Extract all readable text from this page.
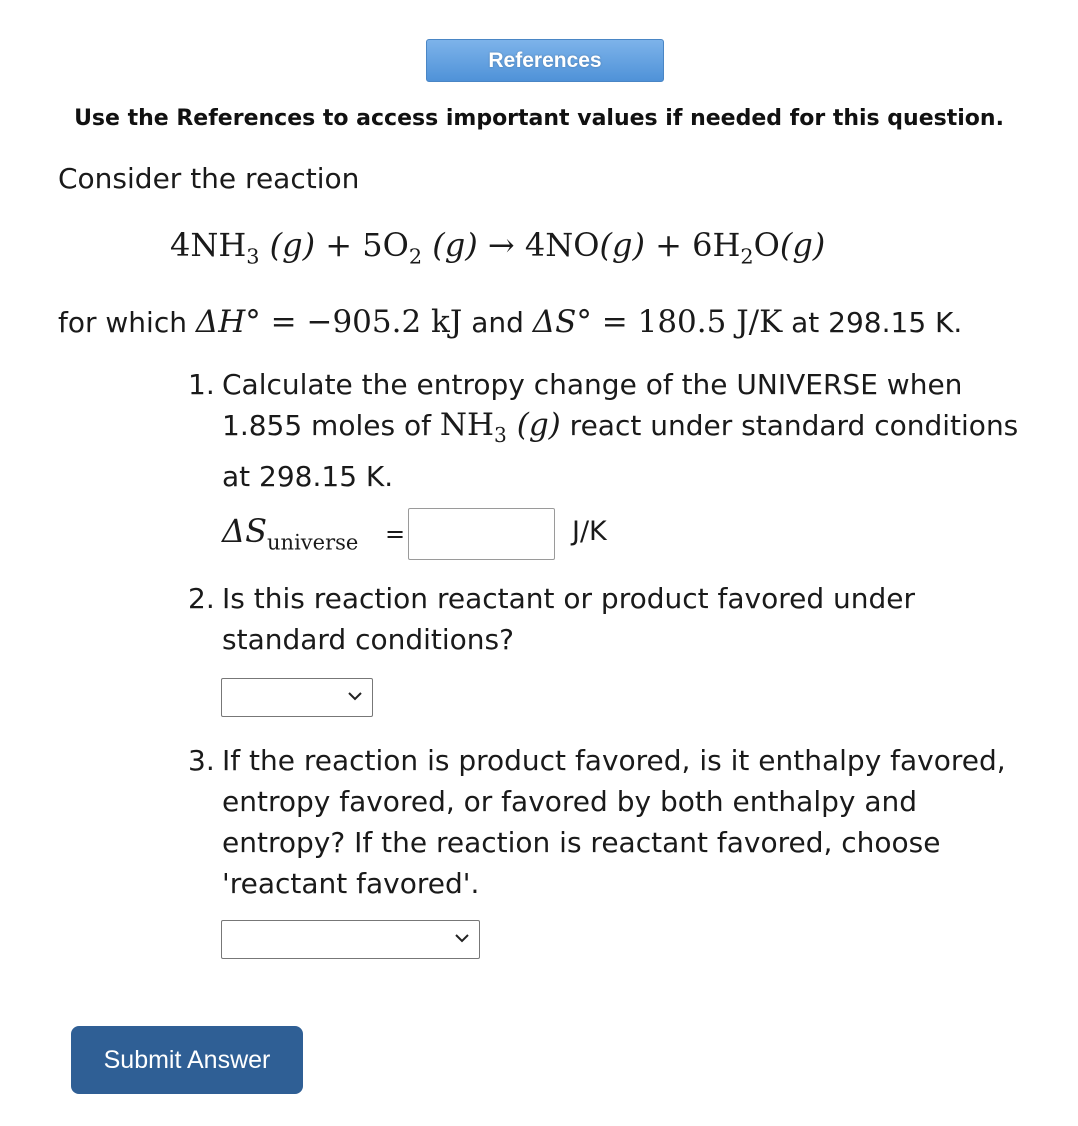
References
Use the References to access important values if needed for this question.
Consider the reaction
$4NH_3$ $(g) + 5O_2$ $(g) \to 4NO(g) + 6H_2O(g)$
for which ΔH° = −905.2 kJ and ΔS° = 180.5 J/K at 298.15 K.
1. Calculate the entropy change of the UNIVERSE when
1.855 moles of $NH_3$ (g) react under standard conditions
at 298.15 K.
$\Delta S_{universe}$ =	J/K
2. Is this reaction reactant or product favored under
standard conditions?
3. If the reaction is product favored, is it enthalpy favored,
entropy favored, or favored by both enthalpy and
entropy? If the reaction is reactant favored, choose
'reactant favored'.
Submit Answer
